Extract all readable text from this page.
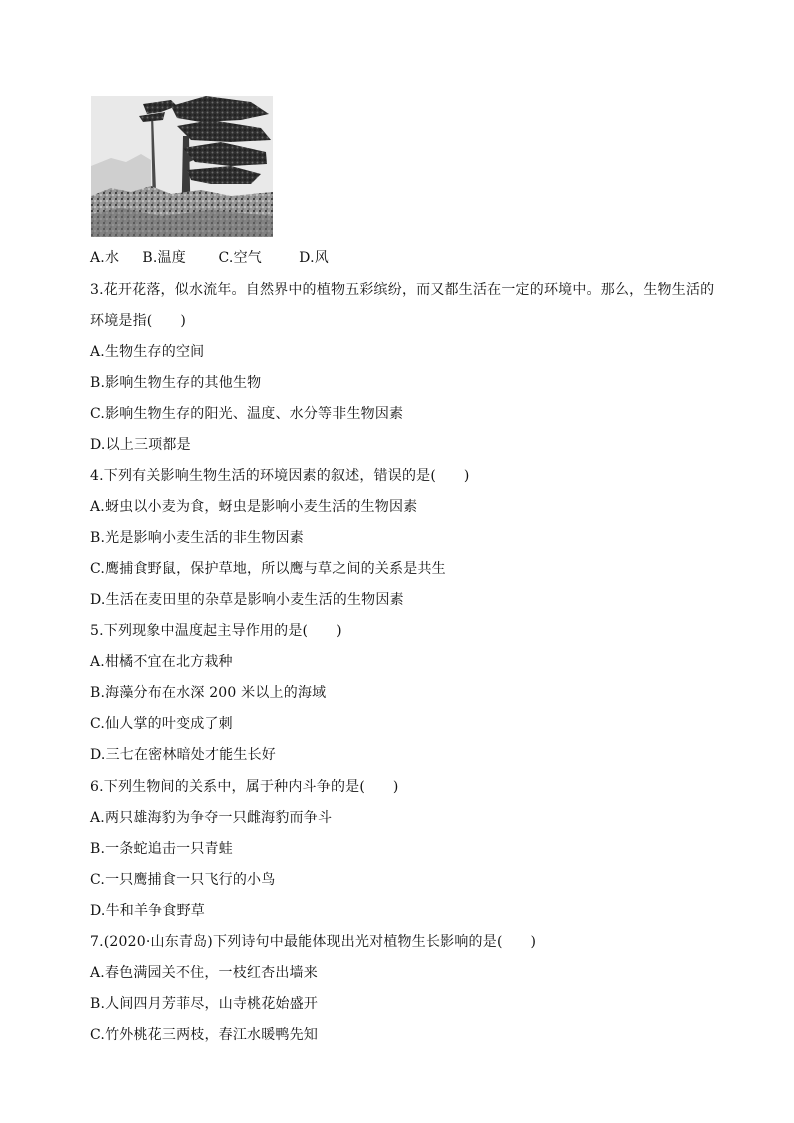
A.水     B.温度       C.空气        D.风
3.花开花落，似水流年。自然界中的植物五彩缤纷，而又都生活在一定的环境中。那么，生物生活的
环境是指(      )
A.生物生存的空间
B.影响生物生存的其他生物
C.影响生物生存的阳光、温度、水分等非生物因素
D.以上三项都是
4.下列有关影响生物生活的环境因素的叙述，错误的是(      )
A.蚜虫以小麦为食，蚜虫是影响小麦生活的生物因素
B.光是影响小麦生活的非生物因素
C.鹰捕食野鼠，保护草地，所以鹰与草之间的关系是共生
D.生活在麦田里的杂草是影响小麦生活的生物因素
5.下列现象中温度起主导作用的是(      )
A.柑橘不宜在北方栽种
B.海藻分布在水深 200 米以上的海域
C.仙人掌的叶变成了刺
D.三七在密林暗处才能生长好
6.下列生物间的关系中，属于种内斗争的是(      )
A.两只雄海豹为争夺一只雌海豹而争斗
B.一条蛇追击一只青蛙
C.一只鹰捕食一只飞行的小鸟
D.牛和羊争食野草
7.(2020·山东青岛)下列诗句中最能体现出光对植物生长影响的是(      )
A.春色满园关不住，一枝红杏出墙来
B.人间四月芳菲尽，山寺桃花始盛开
C.竹外桃花三两枝，春江水暖鸭先知
